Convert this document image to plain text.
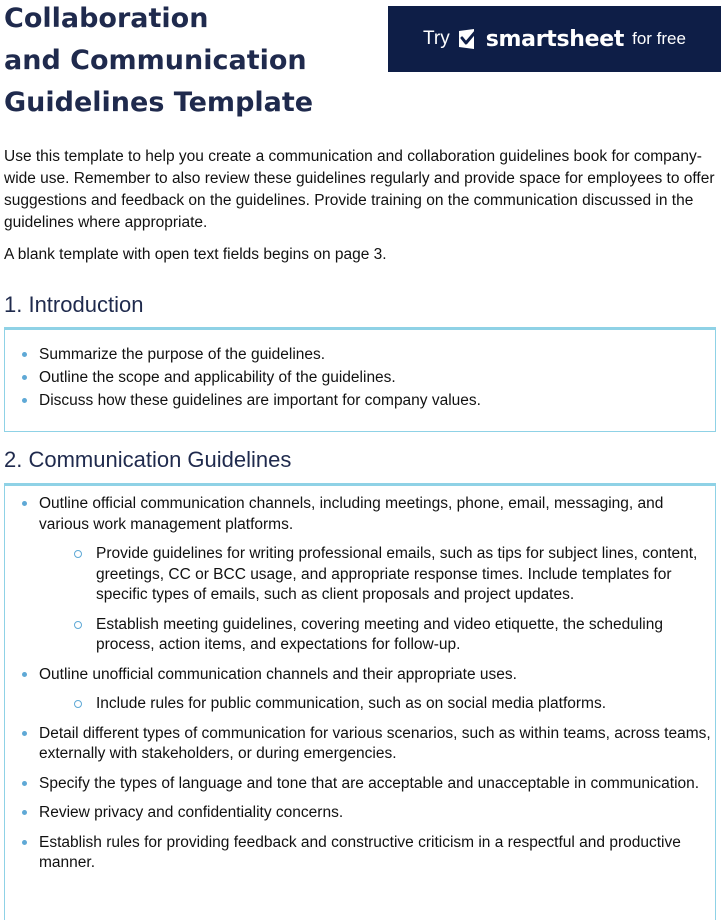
Collaboration
and Communication
Guidelines Template
Try smartsheet for free

Use this template to help you create a communication and collaboration guidelines book for company-wide use. Remember to also review these guidelines regularly and provide space for employees to offer suggestions and feedback on the guidelines. Provide training on the communication discussed in the guidelines where appropriate.

A blank template with open text fields begins on page 3.

1. Introduction
Summarize the purpose of the guidelines.
Outline the scope and applicability of the guidelines.
Discuss how these guidelines are important for company values.
2. Communication Guidelines
Outline official communication channels, including meetings, phone, email, messaging, and various work management platforms.
Provide guidelines for writing professional emails, such as tips for subject lines, content, greetings, CC or BCC usage, and appropriate response times. Include templates for specific types of emails, such as client proposals and project updates.
Establish meeting guidelines, covering meeting and video etiquette, the scheduling process, action items, and expectations for follow-up.
Outline unofficial communication channels and their appropriate uses.
Include rules for public communication, such as on social media platforms.
Detail different types of communication for various scenarios, such as within teams, across teams, externally with stakeholders, or during emergencies.
Specify the types of language and tone that are acceptable and unacceptable in communication.
Review privacy and confidentiality concerns.
Establish rules for providing feedback and constructive criticism in a respectful and productive manner.
